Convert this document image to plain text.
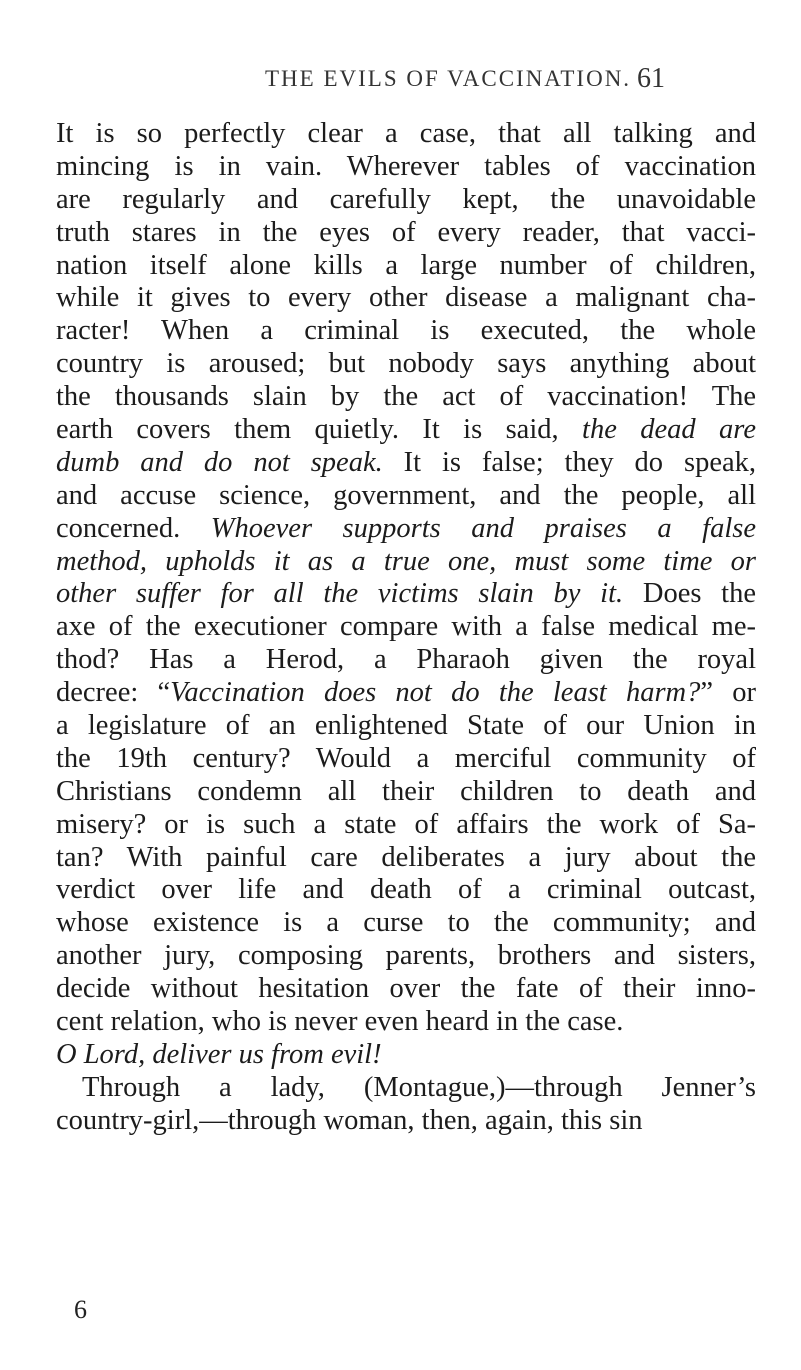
THE EVILS OF VACCINATION. 61
It is so perfectly clear a case, that all talking and
mincing is in vain. Wherever tables of vaccination
are regularly and carefully kept, the unavoidable
truth stares in the eyes of every reader, that vacci-
nation itself alone kills a large number of children,
while it gives to every other disease a malignant cha-
racter! When a criminal is executed, the whole
country is aroused; but nobody says anything about
the thousands slain by the act of vaccination! The
earth covers them quietly. It is said, the dead are
dumb and do not speak. It is false; they do speak,
and accuse science, government, and the people, all
concerned. Whoever supports and praises a false
method, upholds it as a true one, must some time or
other suffer for all the victims slain by it. Does the
axe of the executioner compare with a false medical me-
thod? Has a Herod, a Pharaoh given the royal
decree: “Vaccination does not do the least harm?” or
a legislature of an enlightened State of our Union in
the 19th century? Would a merciful community of
Christians condemn all their children to death and
misery? or is such a state of affairs the work of Sa-
tan? With painful care deliberates a jury about the
verdict over life and death of a criminal outcast,
whose existence is a curse to the community; and
another jury, composing parents, brothers and sisters,
decide without hesitation over the fate of their inno-
cent relation, who is never even heard in the case.
O Lord, deliver us from evil!
Through a lady, (Montague,)—through Jenner’s
country-girl,—through woman, then, again, this sin
6
